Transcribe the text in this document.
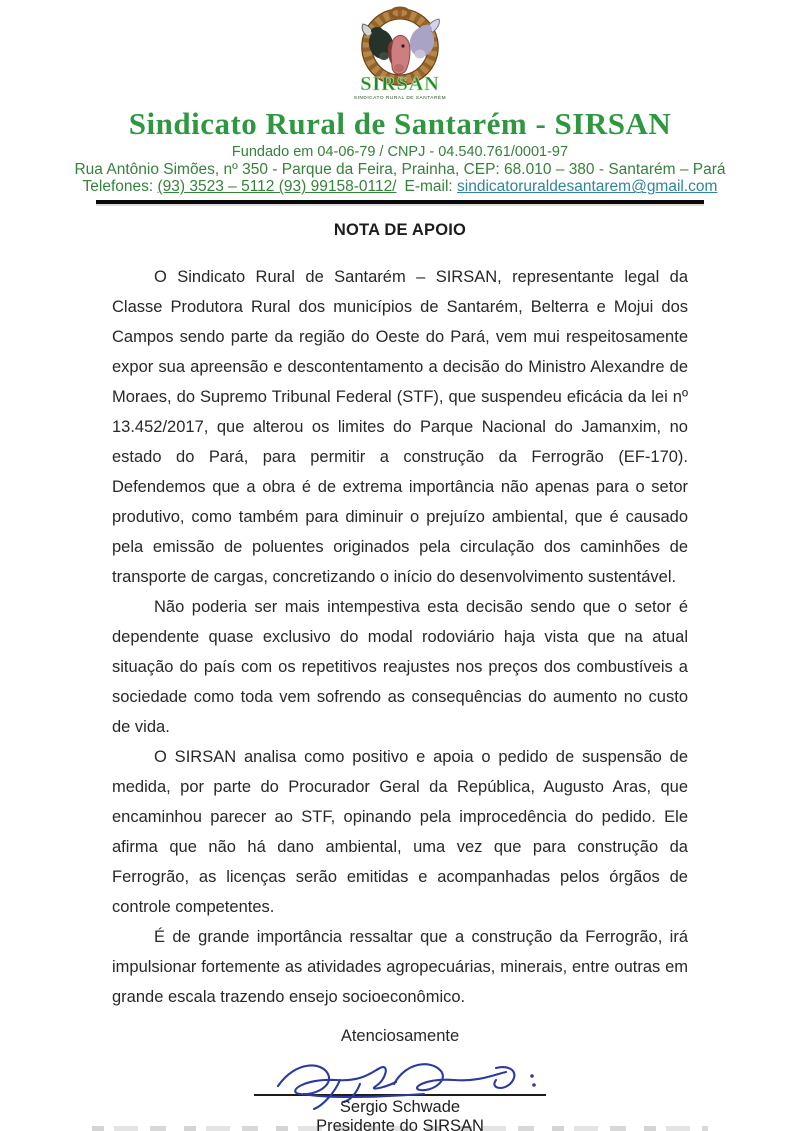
SIRSAN
SINDICATO RURAL DE SANTARÉM
Sindicato Rural de Santarém - SIRSAN
Fundado em 04-06-79 / CNPJ - 04.540.761/0001-97
Rua Antônio Simões, nº 350 - Parque da Feira, Prainha, CEP: 68.010 – 380 - Santarém – Pará
Telefones: (93) 3523 – 5112 (93) 99158-0112/ E-mail: sindicatoruraldesantarem@gmail.com
NOTA DE APOIO

O Sindicato Rural de Santarém – SIRSAN, representante legal da Classe Produtora Rural dos municípios de Santarém, Belterra e Mojui dos Campos sendo parte da região do Oeste do Pará, vem mui respeitosamente expor sua apreensão e descontentamento a decisão do Ministro Alexandre de Moraes, do Supremo Tribunal Federal (STF), que suspendeu eficácia da lei nº 13.452/2017, que alterou os limites do Parque Nacional do Jamanxim, no estado do Pará, para permitir a construção da Ferrogrão (EF-170). Defendemos que a obra é de extrema importância não apenas para o setor produtivo, como também para diminuir o prejuízo ambiental, que é causado pela emissão de poluentes originados pela circulação dos caminhões de transporte de cargas, concretizando o início do desenvolvimento sustentável.

Não poderia ser mais intempestiva esta decisão sendo que o setor é dependente quase exclusivo do modal rodoviário haja vista que na atual situação do país com os repetitivos reajustes nos preços dos combustíveis a sociedade como toda vem sofrendo as consequências do aumento no custo de vida.

O SIRSAN analisa como positivo e apoia o pedido de suspensão de medida, por parte do Procurador Geral da República, Augusto Aras, que encaminhou parecer ao STF, opinando pela improcedência do pedido. Ele afirma que não há dano ambiental, uma vez que para construção da Ferrogrão, as licenças serão emitidas e acompanhadas pelos órgãos de controle competentes.

É de grande importância ressaltar que a construção da Ferrogrão, irá impulsionar fortemente as atividades agropecuárias, minerais, entre outras em grande escala trazendo ensejo socioeconômico.

Atenciosamente
Sergio Schwade
Presidente do SIRSAN
